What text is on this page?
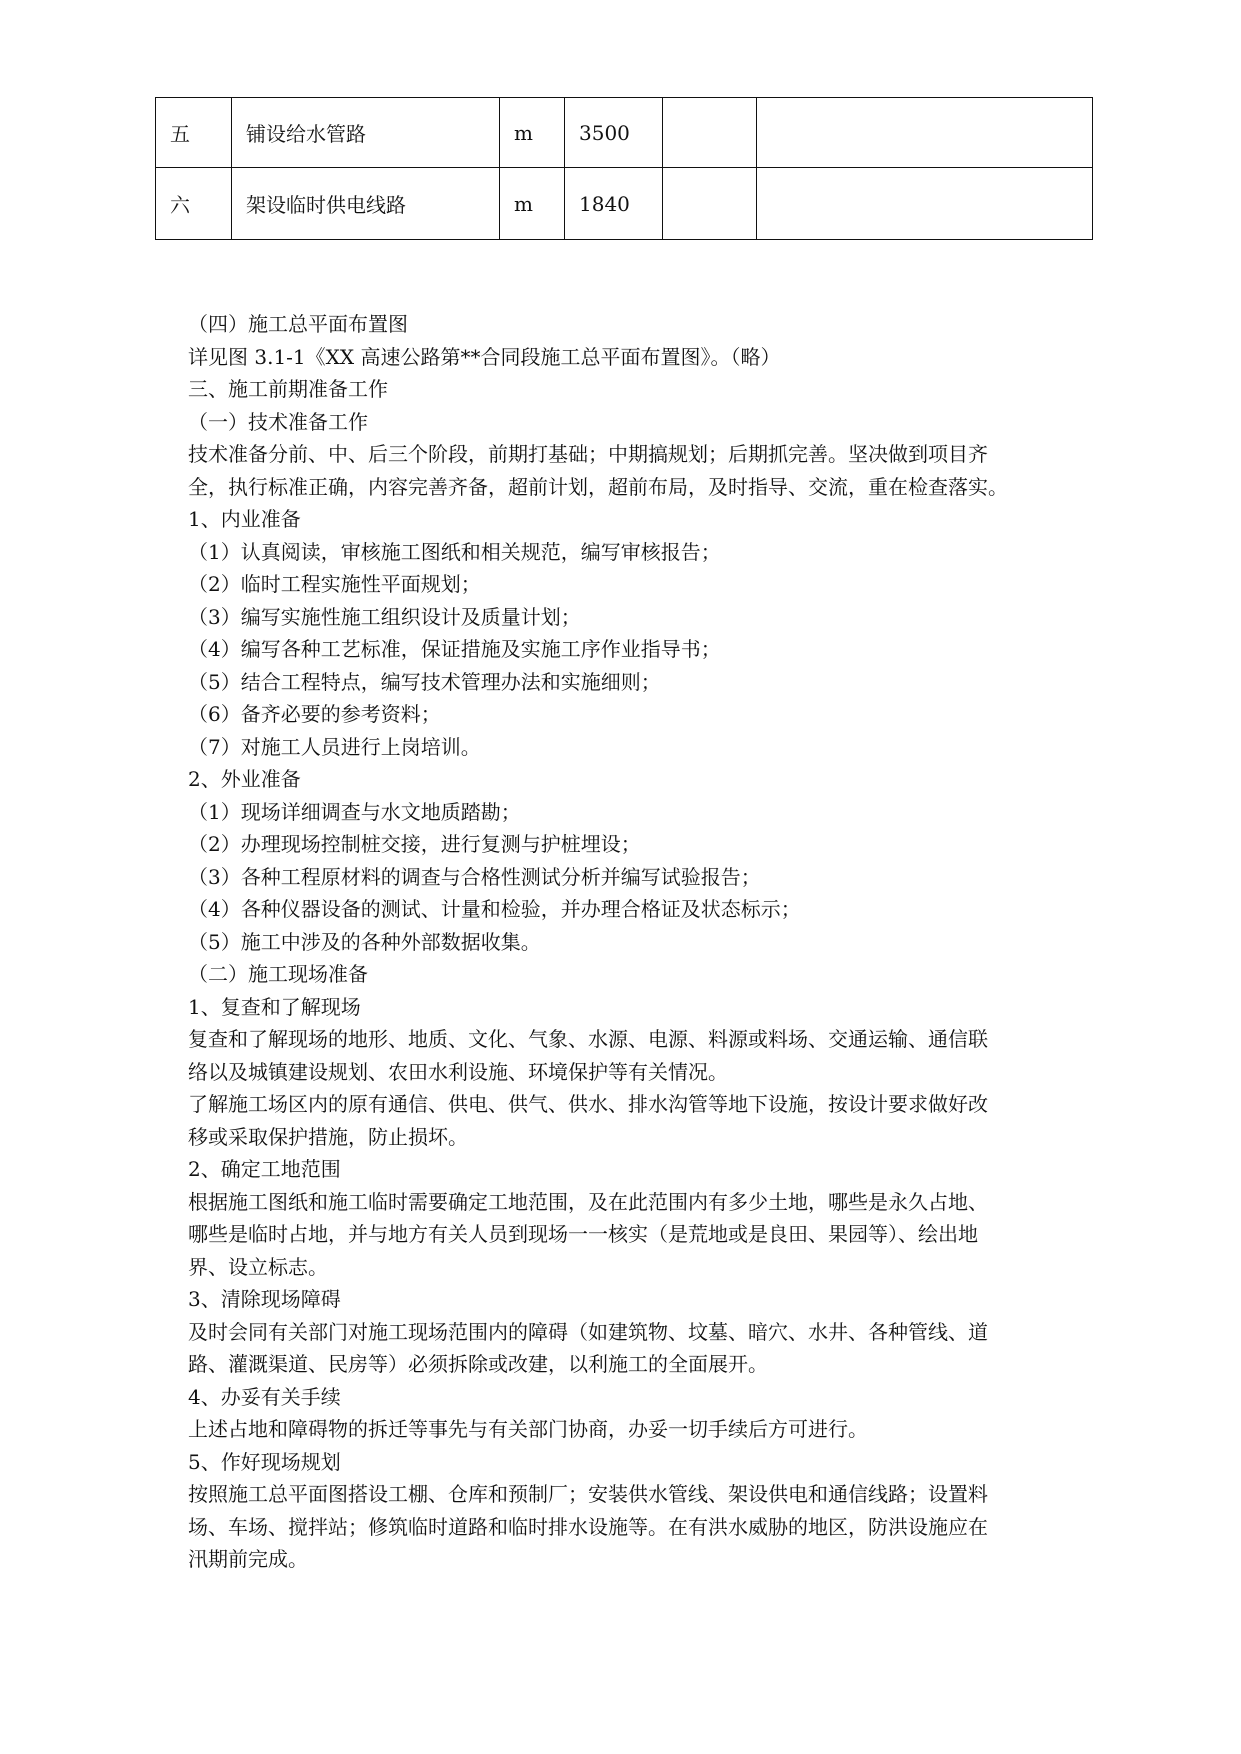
五	铺设给水管路	m	3500		
六	架设临时供电线路	m	1840		
（四）施工总平面布置图
详见图 3.1-1《XX 高速公路第**合同段施工总平面布置图》。（略）
三、施工前期准备工作
（一）技术准备工作
技术准备分前、中、后三个阶段，前期打基础；中期搞规划；后期抓完善。坚决做到项目齐
全，执行标准正确，内容完善齐备，超前计划，超前布局，及时指导、交流，重在检查落实。
1、内业准备
（1）认真阅读，审核施工图纸和相关规范，编写审核报告；
（2）临时工程实施性平面规划；
（3）编写实施性施工组织设计及质量计划；
（4）编写各种工艺标准，保证措施及实施工序作业指导书；
（5）结合工程特点，编写技术管理办法和实施细则；
（6）备齐必要的参考资料；
（7）对施工人员进行上岗培训。
2、外业准备
（1）现场详细调查与水文地质踏勘；
（2）办理现场控制桩交接，进行复测与护桩埋设；
（3）各种工程原材料的调查与合格性测试分析并编写试验报告；
（4）各种仪器设备的测试、计量和检验，并办理合格证及状态标示；
（5）施工中涉及的各种外部数据收集。
（二）施工现场准备
1、复查和了解现场
复查和了解现场的地形、地质、文化、气象、水源、电源、料源或料场、交通运输、通信联
络以及城镇建设规划、农田水利设施、环境保护等有关情况。
了解施工场区内的原有通信、供电、供气、供水、排水沟管等地下设施，按设计要求做好改
移或采取保护措施，防止损坏。
2、确定工地范围
根据施工图纸和施工临时需要确定工地范围，及在此范围内有多少土地，哪些是永久占地、
哪些是临时占地，并与地方有关人员到现场一一核实（是荒地或是良田、果园等）、绘出地
界、设立标志。
3、清除现场障碍
及时会同有关部门对施工现场范围内的障碍（如建筑物、坟墓、暗穴、水井、各种管线、道
路、灌溉渠道、民房等）必须拆除或改建，以利施工的全面展开。
4、办妥有关手续
上述占地和障碍物的拆迁等事先与有关部门协商，办妥一切手续后方可进行。
5、作好现场规划
按照施工总平面图搭设工棚、仓库和预制厂；安装供水管线、架设供电和通信线路；设置料
场、车场、搅拌站；修筑临时道路和临时排水设施等。在有洪水威胁的地区，防洪设施应在
汛期前完成。
